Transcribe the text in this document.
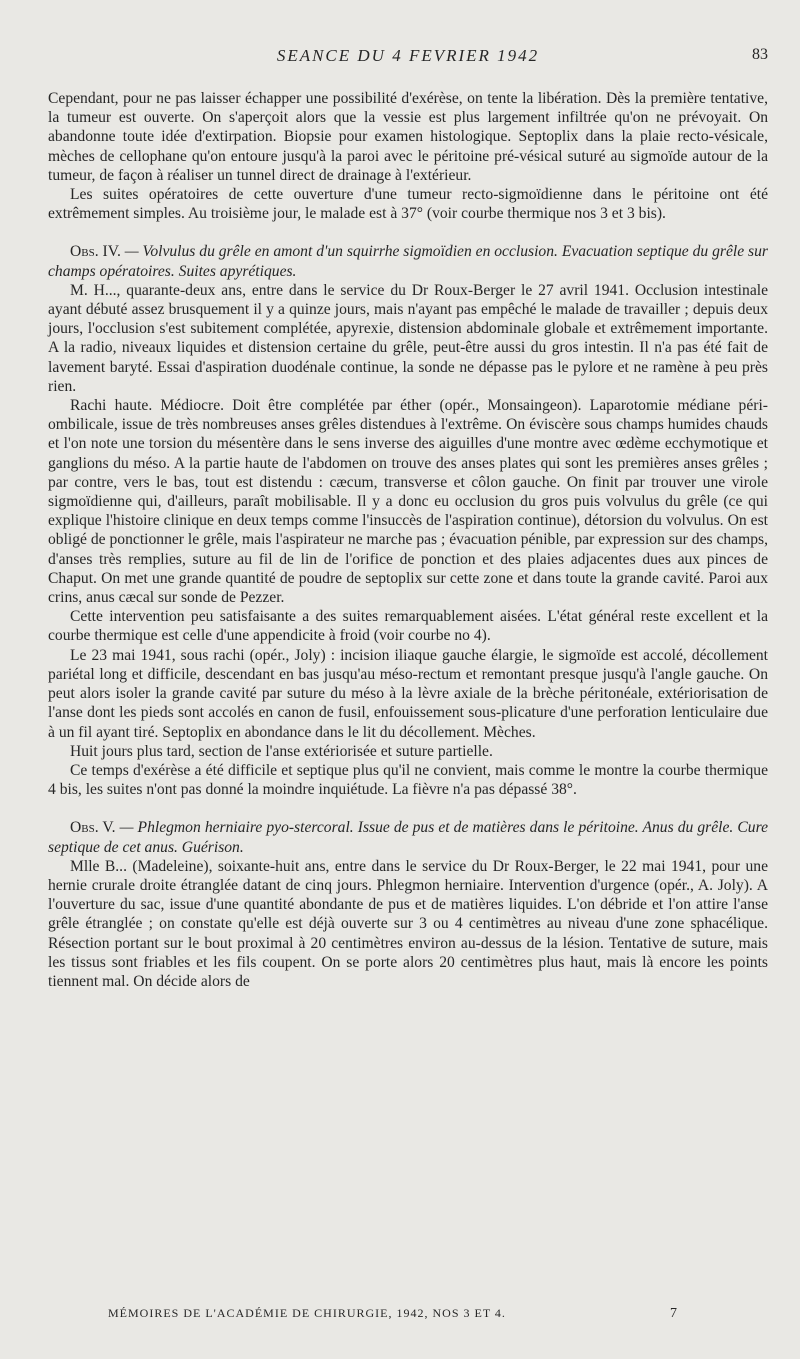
SEANCE DU 4 FEVRIER 1942	83

Cependant, pour ne pas laisser échapper une possibilité d'exérèse, on tente la libération. Dès la première tentative, la tumeur est ouverte. On s'aperçoit alors que la vessie est plus largement infiltrée qu'on ne prévoyait. On abandonne toute idée d'extirpation. Biopsie pour examen histologique. Septoplix dans la plaie recto-vésicale, mèches de cellophane qu'on entoure jusqu'à la paroi avec le péritoine pré-vésical suturé au sigmoïde autour de la tumeur, de façon à réaliser un tunnel direct de drainage à l'extérieur.

Les suites opératoires de cette ouverture d'une tumeur recto-sigmoïdienne dans le péritoine ont été extrêmement simples. Au troisième jour, le malade est à 37° (voir courbe thermique nos 3 et 3 bis).

Obs. IV. — Volvulus du grêle en amont d'un squirrhe sigmoïdien en occlusion. Evacuation septique du grêle sur champs opératoires. Suites apyrétiques.

M. H..., quarante-deux ans, entre dans le service du Dr Roux-Berger le 27 avril 1941. Occlusion intestinale ayant débuté assez brusquement il y a quinze jours, mais n'ayant pas empêché le malade de travailler ; depuis deux jours, l'occlusion s'est subitement complétée, apyrexie, distension abdominale globale et extrêmement importante. A la radio, niveaux liquides et distension certaine du grêle, peut-être aussi du gros intestin. Il n'a pas été fait de lavement baryté. Essai d'aspiration duodénale continue, la sonde ne dépasse pas le pylore et ne ramène à peu près rien.

Rachi haute. Médiocre. Doit être complétée par éther (opér., Monsaingeon). Laparotomie médiane péri-ombilicale, issue de très nombreuses anses grêles distendues à l'extrême. On éviscère sous champs humides chauds et l'on note une torsion du mésentère dans le sens inverse des aiguilles d'une montre avec œdème ecchymotique et ganglions du méso. A la partie haute de l'abdomen on trouve des anses plates qui sont les premières anses grêles ; par contre, vers le bas, tout est distendu : cæcum, transverse et côlon gauche. On finit par trouver une virole sigmoïdienne qui, d'ailleurs, paraît mobilisable. Il y a donc eu occlusion du gros puis volvulus du grêle (ce qui explique l'histoire clinique en deux temps comme l'insuccès de l'aspiration continue), détorsion du volvulus. On est obligé de ponctionner le grêle, mais l'aspirateur ne marche pas ; évacuation pénible, par expression sur des champs, d'anses très remplies, suture au fil de lin de l'orifice de ponction et des plaies adjacentes dues aux pinces de Chaput. On met une grande quantité de poudre de septoplix sur cette zone et dans toute la grande cavité. Paroi aux crins, anus cæcal sur sonde de Pezzer.

Cette intervention peu satisfaisante a des suites remarquablement aisées. L'état général reste excellent et la courbe thermique est celle d'une appendicite à froid (voir courbe no 4).

Le 23 mai 1941, sous rachi (opér., Joly) : incision iliaque gauche élargie, le sigmoïde est accolé, décollement pariétal long et difficile, descendant en bas jusqu'au méso-rectum et remontant presque jusqu'à l'angle gauche. On peut alors isoler la grande cavité par suture du méso à la lèvre axiale de la brèche péritonéale, extériorisation de l'anse dont les pieds sont accolés en canon de fusil, enfouissement sous-plicature d'une perforation lenticulaire due à un fil ayant tiré. Septoplix en abondance dans le lit du décollement. Mèches.

Huit jours plus tard, section de l'anse extériorisée et suture partielle.

Ce temps d'exérèse a été difficile et septique plus qu'il ne convient, mais comme le montre la courbe thermique 4 bis, les suites n'ont pas donné la moindre inquiétude. La fièvre n'a pas dépassé 38°.

Obs. V. — Phlegmon herniaire pyo-stercoral. Issue de pus et de matières dans le péritoine. Anus du grêle. Cure septique de cet anus. Guérison.

Mlle B... (Madeleine), soixante-huit ans, entre dans le service du Dr Roux-Berger, le 22 mai 1941, pour une hernie crurale droite étranglée datant de cinq jours. Phlegmon herniaire. Intervention d'urgence (opér., A. Joly). A l'ouverture du sac, issue d'une quantité abondante de pus et de matières liquides. L'on débride et l'on attire l'anse grêle étranglée ; on constate qu'elle est déjà ouverte sur 3 ou 4 centimètres au niveau d'une zone sphacélique. Résection portant sur le bout proximal à 20 centimètres environ au-dessus de la lésion. Tentative de suture, mais les tissus sont friables et les fils coupent. On se porte alors 20 centimètres plus haut, mais là encore les points tiennent mal. On décide alors de

MÉMOIRES DE L'ACADÉMIE DE CHIRURGIE, 1942, NOS 3 ET 4.	7
